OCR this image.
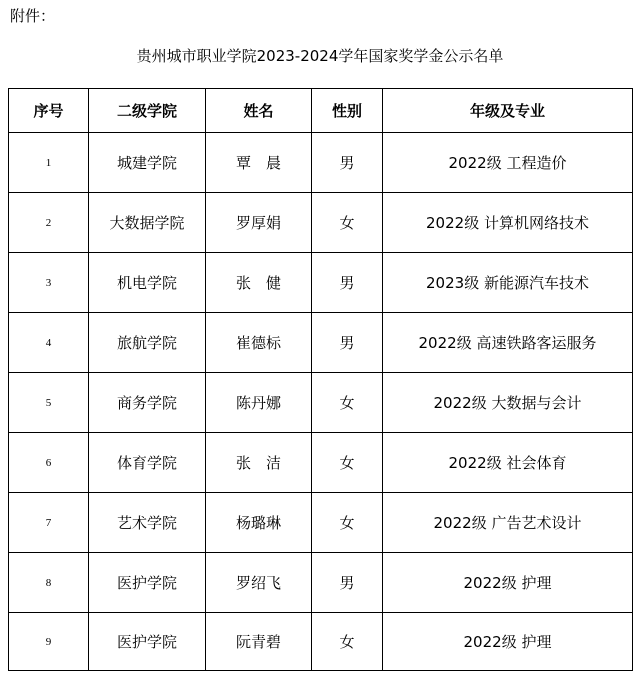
附件：
贵州城市职业学院2023-2024学年国家奖学金公示名单
序号	二级学院	姓名	性别	年级及专业
1	城建学院	覃　晨	男	2022级 工程造价
2	大数据学院	罗厚娟	女	2022级 计算机网络技术
3	机电学院	张　健	男	2023级 新能源汽车技术
4	旅航学院	崔德标	男	2022级 高速铁路客运服务
5	商务学院	陈丹娜	女	2022级 大数据与会计
6	体育学院	张　洁	女	2022级 社会体育
7	艺术学院	杨璐琳	女	2022级 广告艺术设计
8	医护学院	罗绍飞	男	2022级 护理
9	医护学院	阮青碧	女	2022级 护理
